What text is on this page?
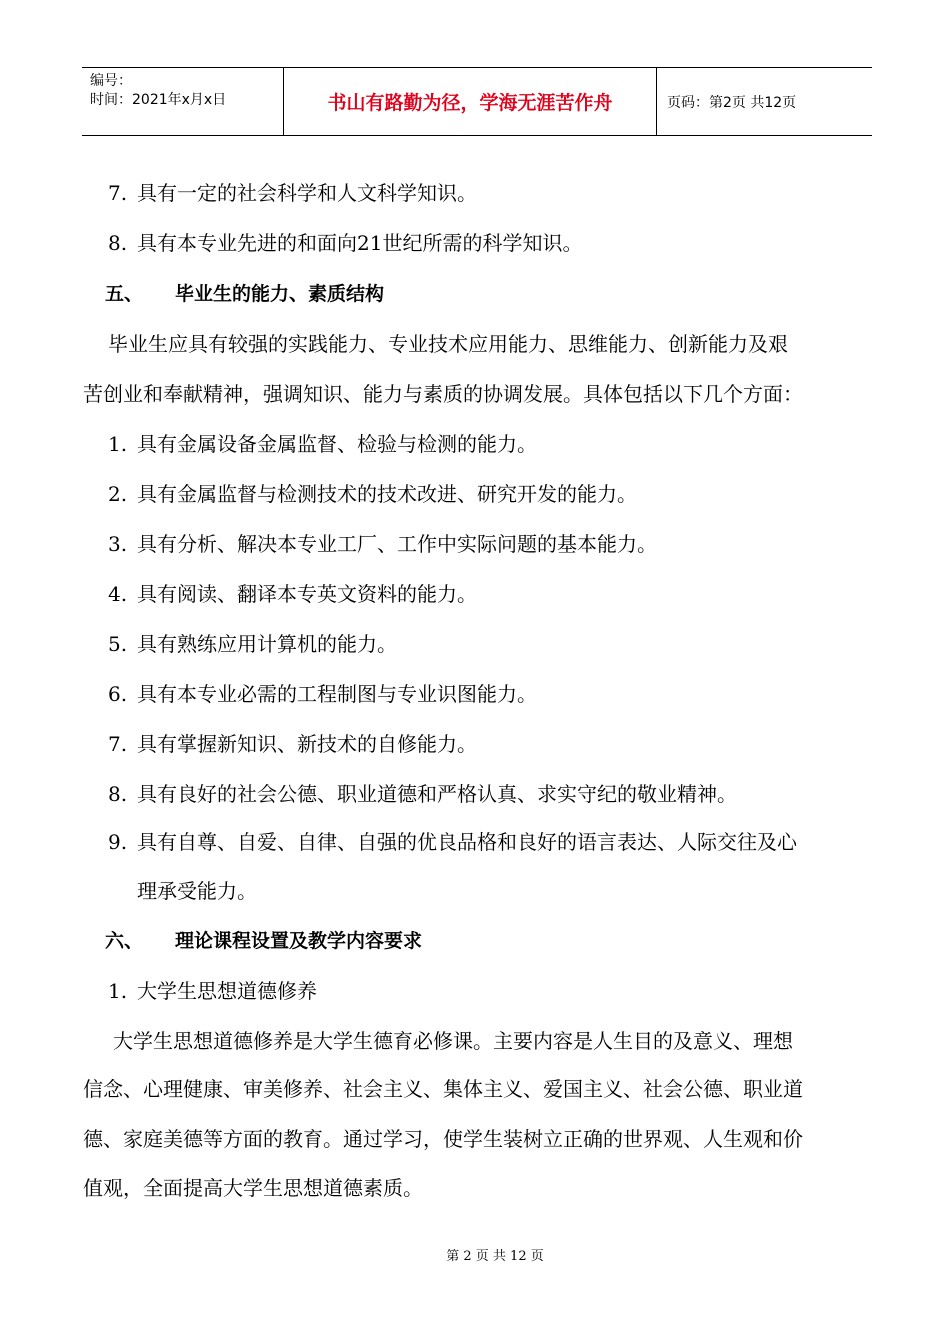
编号：
时间：2021年x月x日	书山有路勤为径，学海无涯苦作舟	页码：第2页 共12页
7. 具有一定的社会科学和人文科学知识。
8. 具有本专业先进的和面向21世纪所需的科学知识。
五、 毕业生的能力、素质结构
毕业生应具有较强的实践能力、专业技术应用能力、思维能力、创新能力及艰
苦创业和奉献精神，强调知识、能力与素质的协调发展。具体包括以下几个方面：
1. 具有金属设备金属监督、检验与检测的能力。
2. 具有金属监督与检测技术的技术改进、研究开发的能力。
3. 具有分析、解决本专业工厂、工作中实际问题的基本能力。
4. 具有阅读、翻译本专英文资料的能力。
5. 具有熟练应用计算机的能力。
6. 具有本专业必需的工程制图与专业识图能力。
7. 具有掌握新知识、新技术的自修能力。
8. 具有良好的社会公德、职业道德和严格认真、求实守纪的敬业精神。
9. 具有自尊、自爱、自律、自强的优良品格和良好的语言表达、人际交往及心
理承受能力。
六、 理论课程设置及教学内容要求
1. 大学生思想道德修养
大学生思想道德修养是大学生德育必修课。主要内容是人生目的及意义、理想
信念、心理健康、审美修养、社会主义、集体主义、爱国主义、社会公德、职业道
德、家庭美德等方面的教育。通过学习，使学生装树立正确的世界观、人生观和价
值观，全面提高大学生思想道德素质。
第 2 页 共 12 页
